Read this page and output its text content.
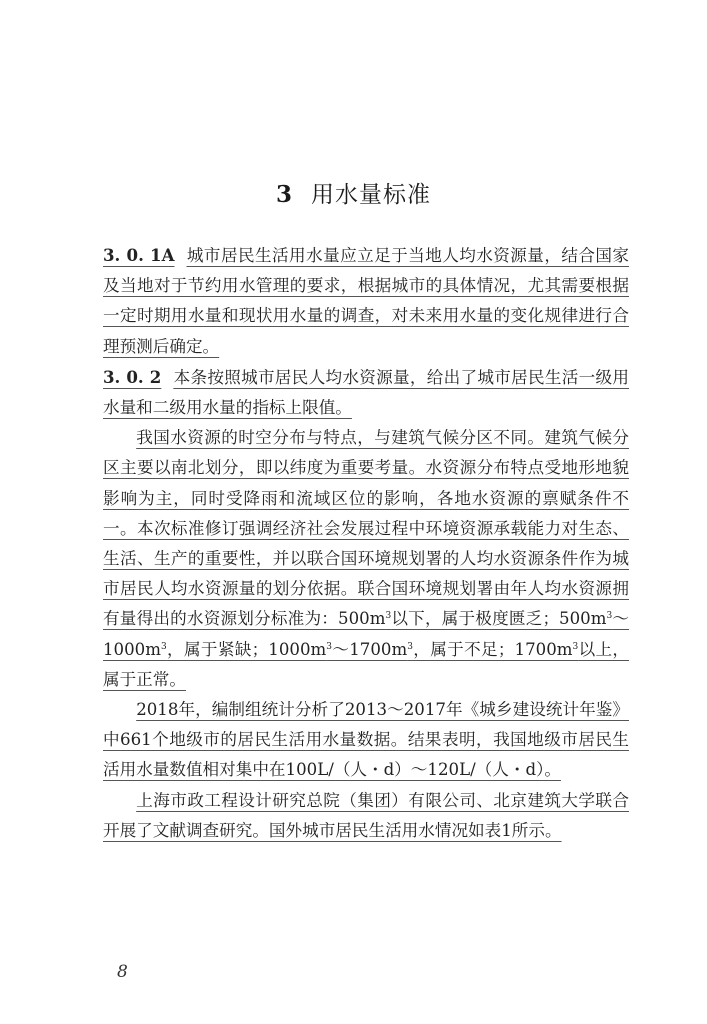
3 用水量标准

3. 0. 1A 城市居民生活用水量应立足于当地人均水资源量，结合国家及当地对于节约用水管理的要求，根据城市的具体情况，尤其需要根据一定时期用水量和现状用水量的调查，对未来用水量的变化规律进行合理预测后确定。

3. 0. 2 本条按照城市居民人均水资源量，给出了城市居民生活一级用水量和二级用水量的指标上限值。

我国水资源的时空分布与特点，与建筑气候分区不同。建筑气候分区主要以南北划分，即以纬度为重要考量。水资源分布特点受地形地貌影响为主，同时受降雨和流域区位的影响，各地水资源的禀赋条件不一。本次标准修订强调经济社会发展过程中环境资源承载能力对生态、生活、生产的重要性，并以联合国环境规划署的人均水资源条件作为城市居民人均水资源量的划分依据。联合国环境规划署由年人均水资源拥有量得出的水资源划分标准为：$500m^3$以下，属于极度匮乏；$500m^3\sim 1000m^3$，属于紧缺；$1000m^3\sim 1700m^3$，属于不足；$1700m^3$以上，属于正常。

2018年，编制组统计分析了2013～2017年《城乡建设统计年鉴》中661个地级市的居民生活用水量数据。结果表明，我国地级市居民生活用水量数值相对集中在100L/（人・d）～120L/（人・d）。

上海市政工程设计研究总院（集团）有限公司、北京建筑大学联合开展了文献调查研究。国外城市居民生活用水情况如表1所示。

8
